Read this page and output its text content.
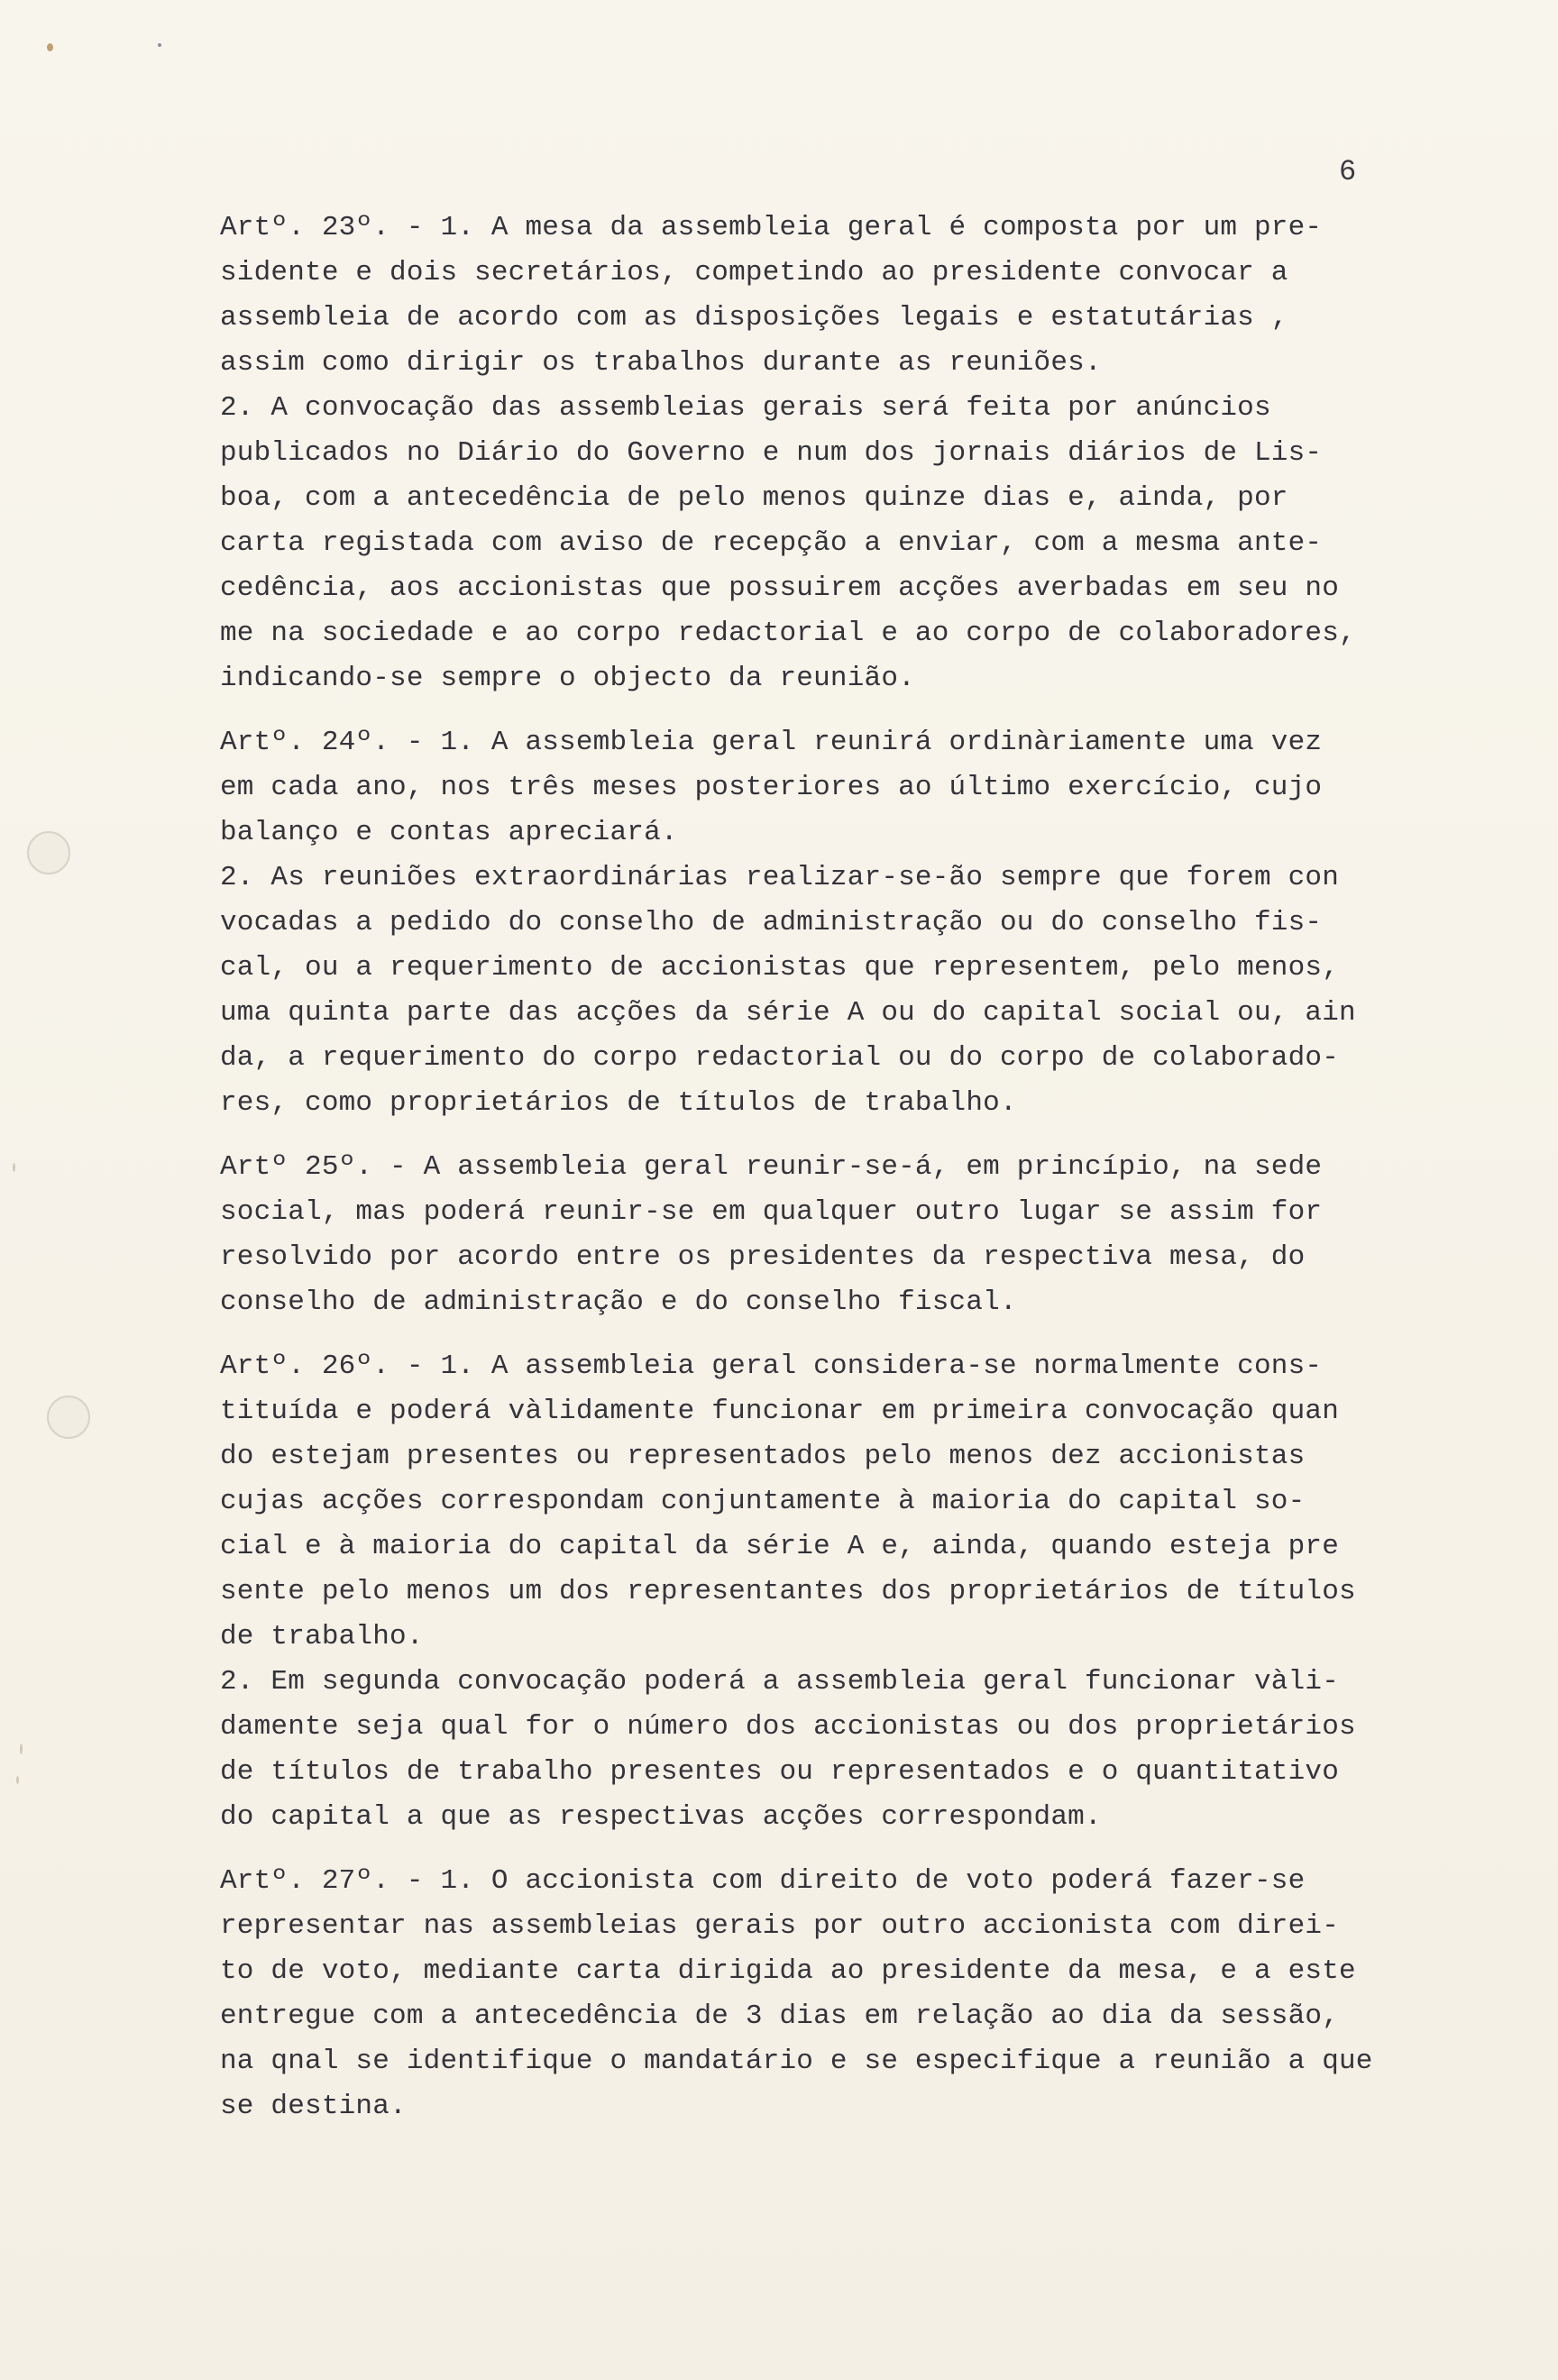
6
Artº. 23º. - 1. A mesa da assembleia geral é composta por um pre-
sidente e dois secretários, competindo ao presidente convocar a
assembleia de acordo com as disposições legais e estatutárias ,
assim como dirigir os trabalhos durante as reuniões.
2. A convocação das assembleias gerais será feita por anúncios
publicados no Diário do Governo e num dos jornais diários de Lis-
boa, com a antecedência de pelo menos quinze dias e, ainda, por
carta registada com aviso de recepção a enviar, com a mesma ante-
cedência, aos accionistas que possuirem acções averbadas em seu no
me na sociedade e ao corpo redactorial e ao corpo de colaboradores,
indicando-se sempre o objecto da reunião.
Artº. 24º. - 1. A assembleia geral reunirá ordinàriamente uma vez
em cada ano, nos três meses posteriores ao último exercício, cujo
balanço e contas apreciará.
2. As reuniões extraordinárias realizar-se-ão sempre que forem con
vocadas a pedido do conselho de administração ou do conselho fis-
cal, ou a requerimento de accionistas que representem, pelo menos,
uma quinta parte das acções da série A ou do capital social ou, ain
da, a requerimento do corpo redactorial ou do corpo de colaborado-
res, como proprietários de títulos de trabalho.
Artº 25º. - A assembleia geral reunir-se-á, em princípio, na sede
social, mas poderá reunir-se em qualquer outro lugar se assim for
resolvido por acordo entre os presidentes da respectiva mesa, do
conselho de administração e do conselho fiscal.
Artº. 26º. - 1. A assembleia geral considera-se normalmente cons-
tituída e poderá vàlidamente funcionar em primeira convocação quan
do estejam presentes ou representados pelo menos dez accionistas
cujas acções correspondam conjuntamente à maioria do capital so-
cial e à maioria do capital da série A e, ainda, quando esteja pre
sente pelo menos um dos representantes dos proprietários de títulos
de trabalho.
2. Em segunda convocação poderá a assembleia geral funcionar vàli-
damente seja qual for o número dos accionistas ou dos proprietários
de títulos de trabalho presentes ou representados e o quantitativo
do capital a que as respectivas acções correspondam.
Artº. 27º. - 1. O accionista com direito de voto poderá fazer-se
representar nas assembleias gerais por outro accionista com direi-
to de voto, mediante carta dirigida ao presidente da mesa, e a este
entregue com a antecedência de 3 dias em relação ao dia da sessão,
na qnal se identifique o mandatário e se especifique a reunião a que
se destina.
